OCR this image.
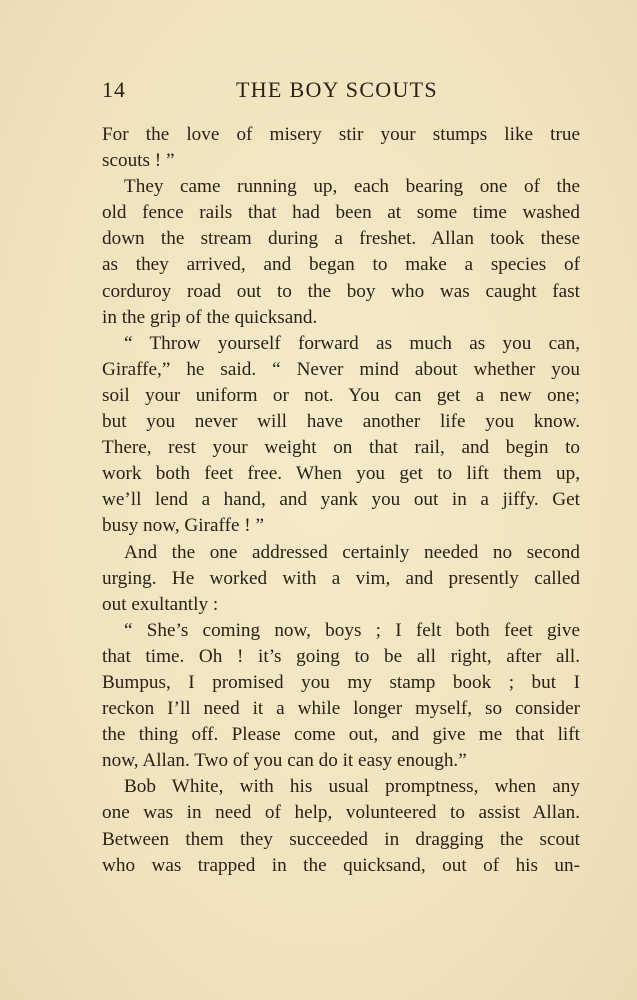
14	THE BOY SCOUTS
For the love of misery stir your stumps like true
scouts ! ”
They came running up, each bearing one of the
old fence rails that had been at some time washed
down the stream during a freshet. Allan took these
as they arrived, and began to make a species of
corduroy road out to the boy who was caught fast
in the grip of the quicksand.
“ Throw yourself forward as much as you can,
Giraffe,” he said. “ Never mind about whether you
soil your uniform or not. You can get a new one;
but you never will have another life you know.
There, rest your weight on that rail, and begin to
work both feet free. When you get to lift them up,
we’ll lend a hand, and yank you out in a jiffy. Get
busy now, Giraffe ! ”
And the one addressed certainly needed no second
urging. He worked with a vim, and presently called
out exultantly :
“ She’s coming now, boys ; I felt both feet give
that time. Oh ! it’s going to be all right, after all.
Bumpus, I promised you my stamp book ; but I
reckon I’ll need it a while longer myself, so consider
the thing off. Please come out, and give me that lift
now, Allan. Two of you can do it easy enough.”
Bob White, with his usual promptness, when any
one was in need of help, volunteered to assist Allan.
Between them they succeeded in dragging the scout
who was trapped in the quicksand, out of his un-
